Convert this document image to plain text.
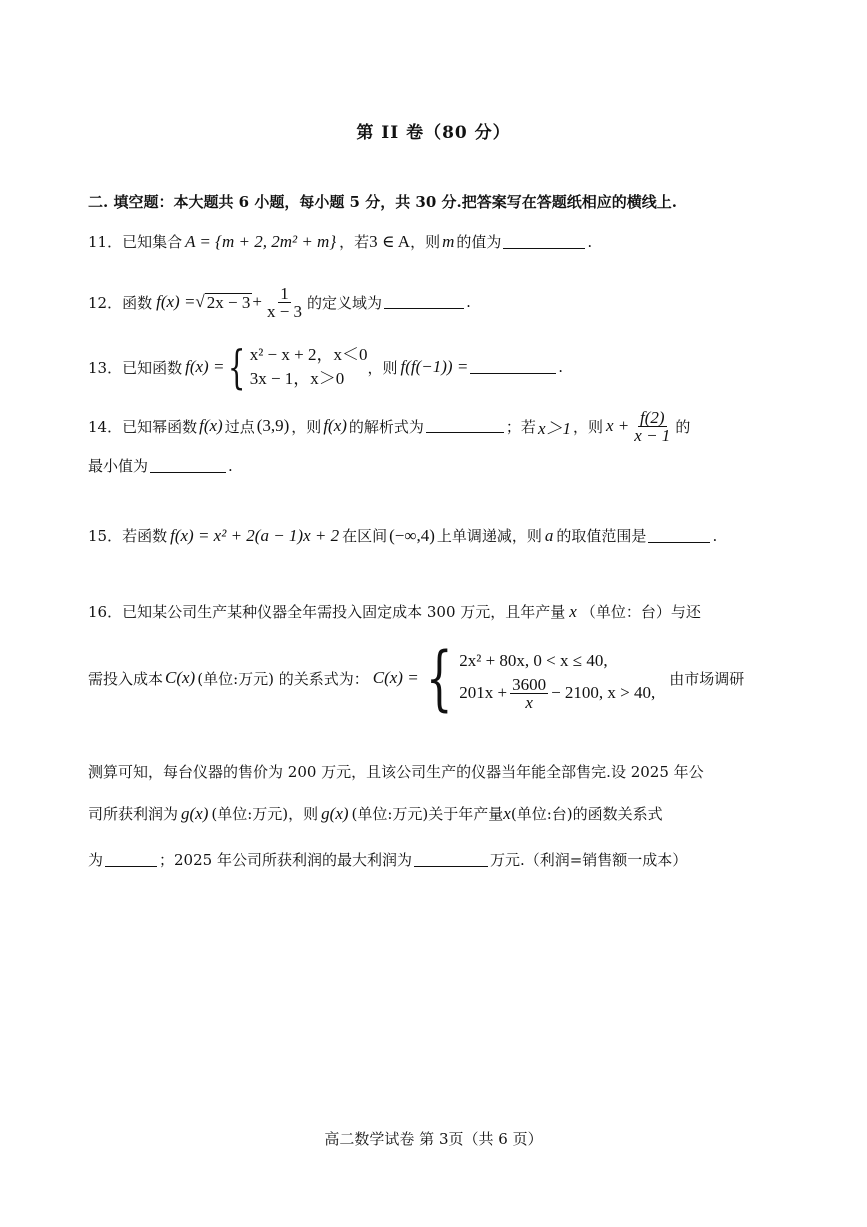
第 II 卷（80 分）
二. 填空题：本大题共 6 小题，每小题 5 分，共 30 分.把答案写在答题纸相应的横线上.
11． 已知集合 A = {m + 2, 2m² + m} ，若 3 ∈ A ，则 m 的值为	.
12． 函数 f(x) = √ $2x - 3 + \frac{1}{x - 3}$ 的定义域为	.
13． 已知函数 f(x) = { x² − x + 2，x＜0
3x − 1，x＞0
，则 f(f(−1)) =	.
14． 已知幂函数 f(x) 过点 (3,9) ，则 f(x) 的解析式为	；若 x＞1 ，则 $x + \frac{f(2)}{x - 1}$ 的
最小值为	.
15． 若函数 f(x) = x² + 2(a − 1)x + 2 在区间 (−∞,4) 上单调递减，则 a 的取值范围是	.
16． 已知某公司生产某种仪器全年需投入固定成本 300 万元，且年产量 x （单位：台）与还
需投入成本 C(x) (单位:万元) 的关系式为： C(x) = { 2x² + 80x, 0 < x ≤ 40,
$201x + \frac{3600}{x} - 2100$, x > 40,
由市场调研
测算可知，每台仪器的售价为 200 万元，且该公司生产的仪器当年能全部售完.设 2025 年公
司所获利润为 g(x) (单位:万元)，则 g(x) (单位:万元)关于年产量 x (单位:台)的函数关系式
为	；2025 年公司所获利润的最大利润为	万元.（利润=销售额一成本）
高二数学试卷 第 3页（共 6 页）
